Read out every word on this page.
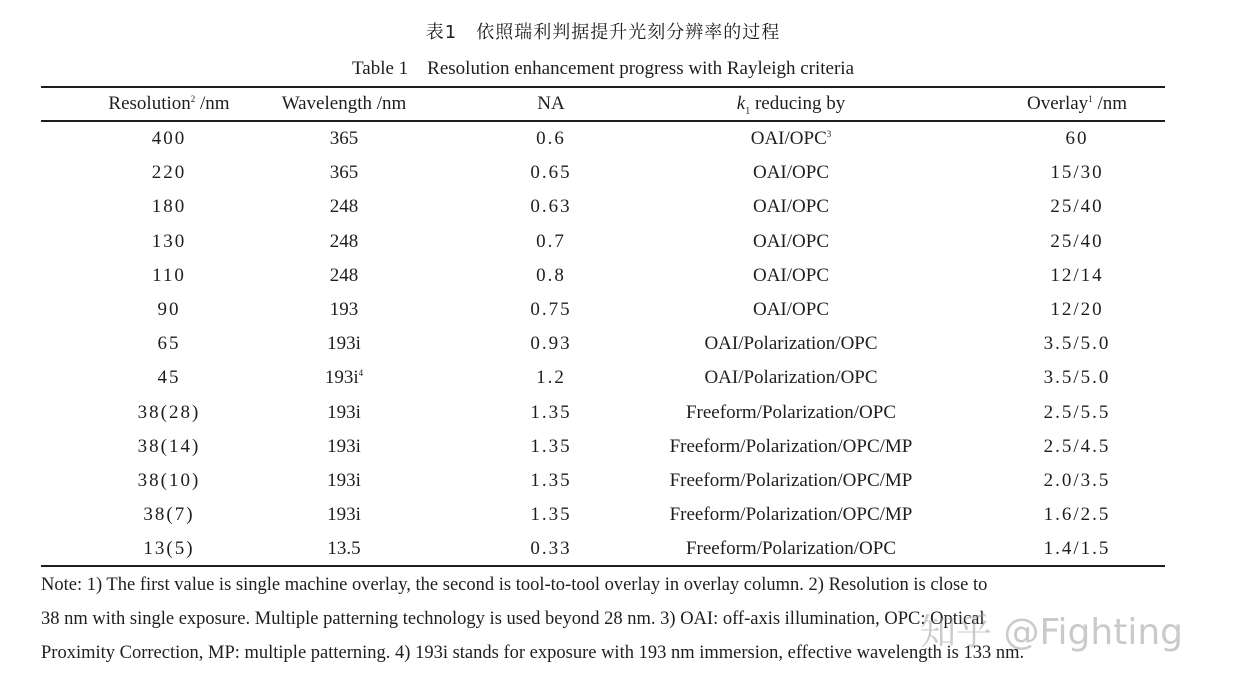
表1　依照瑞利判据提升光刻分辨率的过程
Table 1　Resolution enhancement progress with Rayleigh criteria
Resolution$^2$ /nm	Wavelength /nm	NA	$k_1$ reducing by	Overlay$^1$ /nm
400	365	0.6	OAI/OPC$^3$	60
220	365	0.65	OAI/OPC	15/30
180	248	0.63	OAI/OPC	25/40
130	248	0.7	OAI/OPC	25/40
110	248	0.8	OAI/OPC	12/14
90	193	0.75	OAI/OPC	12/20
65	193i	0.93	OAI/Polarization/OPC	3.5/5.0
45	$193i^4$	1.2	OAI/Polarization/OPC	3.5/5.0
38(28)	193i	1.35	Freeform/Polarization/OPC	2.5/5.5
38(14)	193i	1.35	Freeform/Polarization/OPC/MP	2.5/4.5
38(10)	193i	1.35	Freeform/Polarization/OPC/MP	2.0/3.5
38(7)	193i	1.35	Freeform/Polarization/OPC/MP	1.6/2.5
13(5)	13.5	0.33	Freeform/Polarization/OPC	1.4/1.5
Note: 1) The first value is single machine overlay, the second is tool-to-tool overlay in overlay column. 2) Resolution is close to
38 nm with single exposure. Multiple patterning technology is used beyond 28 nm. 3) OAI: off-axis illumination, OPC: Optical
Proximity Correction, MP: multiple patterning. 4) 193i stands for exposure with 193 nm immersion, effective wavelength is 133 nm.
知乎 @Fighting
